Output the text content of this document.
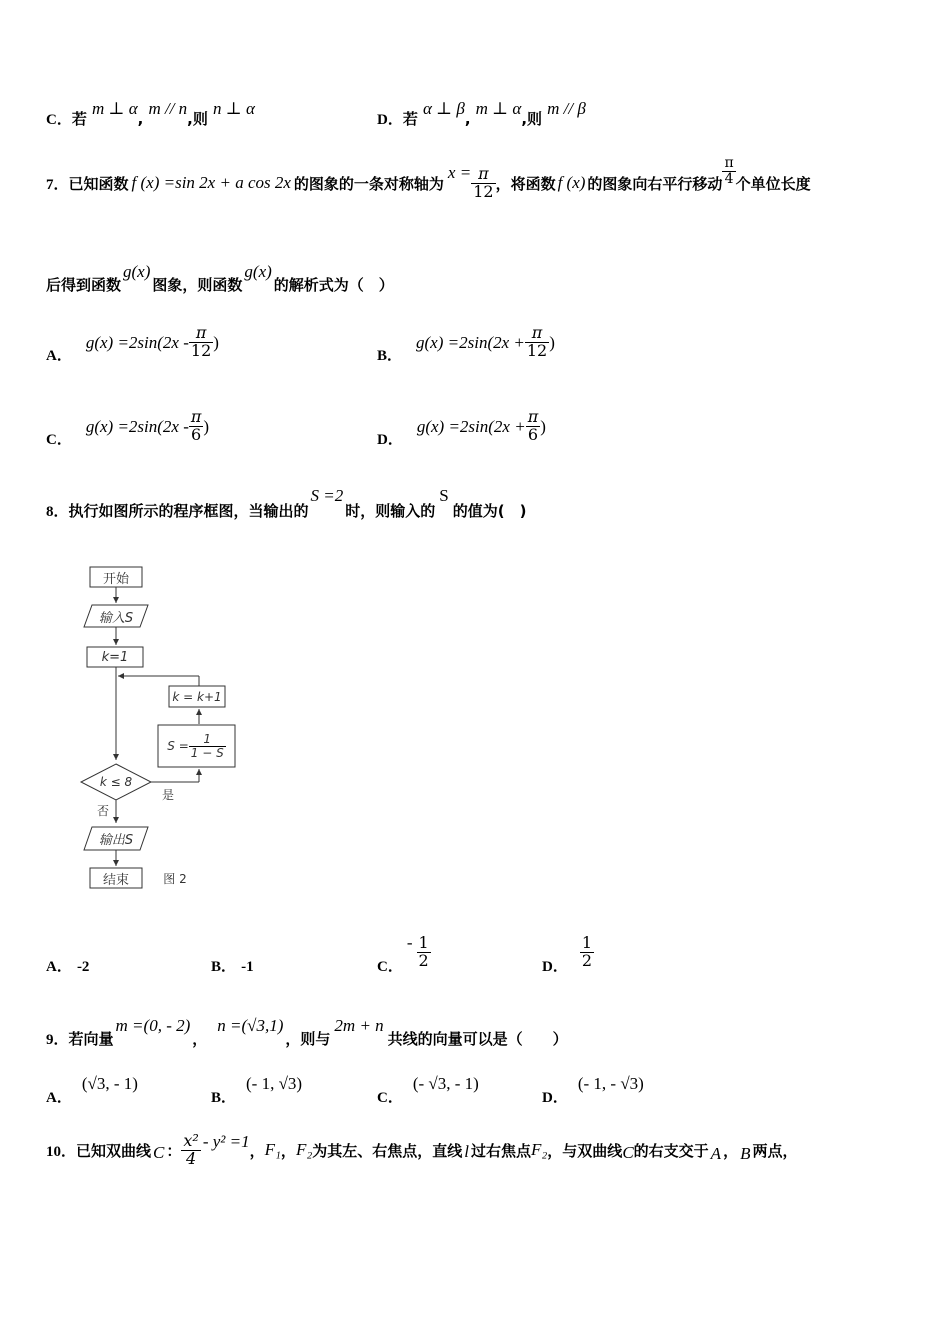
C．若 m ⊥ α, m // n,则 n ⊥ α
D．若 α ⊥ β, m ⊥ α,则 m // β
7． 已知函数 f (x) =sin 2x + a cos 2x 的图象的一条对称轴为
$x = \frac{\pi}{12}$ ，将函数 f (x) 的图象向右平行移动 $\frac{\pi}{4}$ 个单位长度
后得到函数
g(x)
图象，则函数
g(x)
的解析式为（　）
A．
$g(x) =2\sin(2x - \frac{\pi}{12}$ )
B．
$g(x) =2\sin(2x + \frac{\pi}{12}$ )
C．
$g(x) =2\sin(2x - \frac{\pi}{6}$ )
D．
$g(x) =2\sin(2x + \frac{\pi}{6}$ )
8． 执行如图所示的程序框图，当输出的
S =2
时，则输入的
S
的值为(　)
开始
输入S
k=1
k = k+1
$S = \frac{1}{1 - S}$
k ≤ 8
是
否
输出S
结束	图 2
A． -2	B． -1	C．
- $\frac{1}{2}$	D． $\frac{1}{2}$
9． 若向量
m =(0, - 2)
，
n =(√3,1)
，则与
2m + n
共线的向量可以是（　　）
A．
(√3, - 1)
B．
(- 1, √3)
C．
(- √3, - 1)
D．
(- 1, - √3)
10． 已知双曲线 C ： $\frac{\text{x²}}{4} - y^2 =1$ ， F₁ ， F₂ 为其左、右焦点，直线 l 过右焦点 F₂ ，与双曲线 C 的右支交于 A ， B 两点，
